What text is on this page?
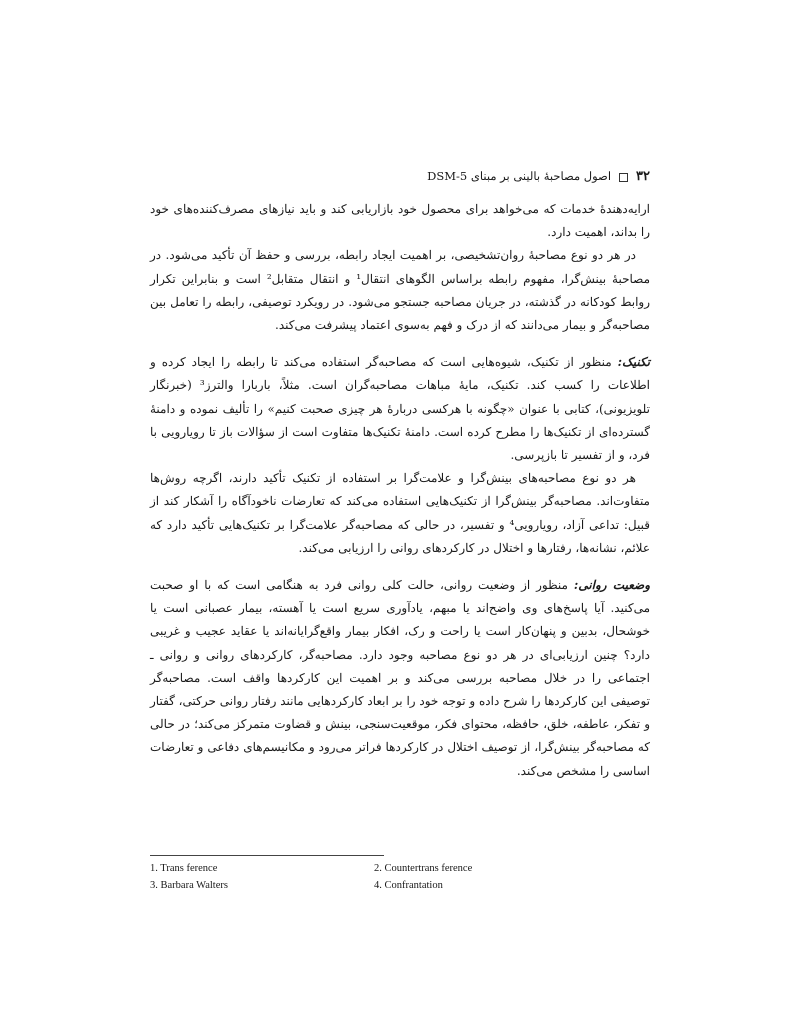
۳۲اصول مصاحبهٔ بالینی بر مبنای DSM-5

ارایه‌دهندهٔ خدمات که می‌خواهد برای محصول خود بازاریابی کند و باید نیازهای مصرف‌کننده‌های خود را بداند، اهمیت دارد.

در هر دو نوع مصاحبهٔ روان‌تشخیصی، بر اهمیت ایجاد رابطه، بررسی و حفظ آن تأکید می‌شود. در مصاحبهٔ بینش‌گرا، مفهوم رابطه براساس الگوهای انتقال¹ و انتقال متقابل² است و بنابراین تکرار روابط کودکانه در گذشته، در جریان مصاحبه جستجو می‌شود. در رویکرد توصیفی، رابطه را تعامل بین مصاحبه‌گر و بیمار می‌دانند که از درک و فهم به‌سوی اعتماد پیشرفت می‌کند.

تکنیک: منظور از تکنیک، شیوه‌هایی است که مصاحبه‌گر استفاده می‌کند تا رابطه را ایجاد کرده و اطلاعات را کسب کند. تکنیک، مایهٔ مباهات مصاحبه‌گران است. مثلاً، باربارا والترز³ (خبرنگار تلویزیونی)، کتابی با عنوان «چگونه با هرکسی دربارهٔ هر چیزی صحبت کنیم» را تألیف نموده و دامنهٔ گسترده‌ای از تکنیک‌ها را مطرح کرده است. دامنهٔ تکنیک‌ها متفاوت است از سؤالات باز تا رویارویی با فرد، و از تفسیر تا بازپرسی.

هر دو نوع مصاحبه‌های بینش‌گرا و علامت‌گرا بر استفاده از تکنیک تأکید دارند، اگرچه روش‌ها متفاوت‌اند. مصاحبه‌گر بینش‌گرا از تکنیک‌هایی استفاده می‌کند که تعارضات ناخودآگاه را آشکار کند از قبیل: تداعی آزاد، رویارویی⁴ و تفسیر، در حالی که مصاحبه‌گر علامت‌گرا بر تکنیک‌هایی تأکید دارد که علائم، نشانه‌ها، رفتارها و اختلال در کارکردهای روانی را ارزیابی می‌کند.

وضعیت روانی: منظور از وضعیت روانی، حالت کلی روانی فرد به هنگامی است که با او صحبت می‌کنید. آیا پاسخ‌های وی واضح‌اند یا مبهم، یادآوری سریع است یا آهسته، بیمار عصبانی است یا خوشحال، بدبین و پنهان‌کار است یا راحت و رک، افکار بیمار واقع‌گرایانه‌اند یا عقاید عجیب و غریبی دارد؟ چنین ارزیابی‌ای در هر دو نوع مصاحبه وجود دارد. مصاحبه‌گر، کارکردهای روانی و روانی ـ اجتماعی را در خلال مصاحبه بررسی می‌کند و بر اهمیت این کارکردها واقف است. مصاحبه‌گر توصیفی این کارکردها را شرح داده و توجه خود را بر ابعاد کارکردهایی مانند رفتار روانی حرکتی، گفتار و تفکر، عاطفه، خلق، حافظه، محتوای فکر، موقعیت‌سنجی، بینش و قضاوت متمرکز می‌کند؛ در حالی که مصاحبه‌گر بینش‌گرا، از توصیف اختلال در کارکردها فراتر می‌رود و مکانیسم‌های دفاعی و تعارضات اساسی را مشخص می‌کند.

1. Trans ference	2. Countertrans ference
3. Barbara Walters	4. Confrantation
